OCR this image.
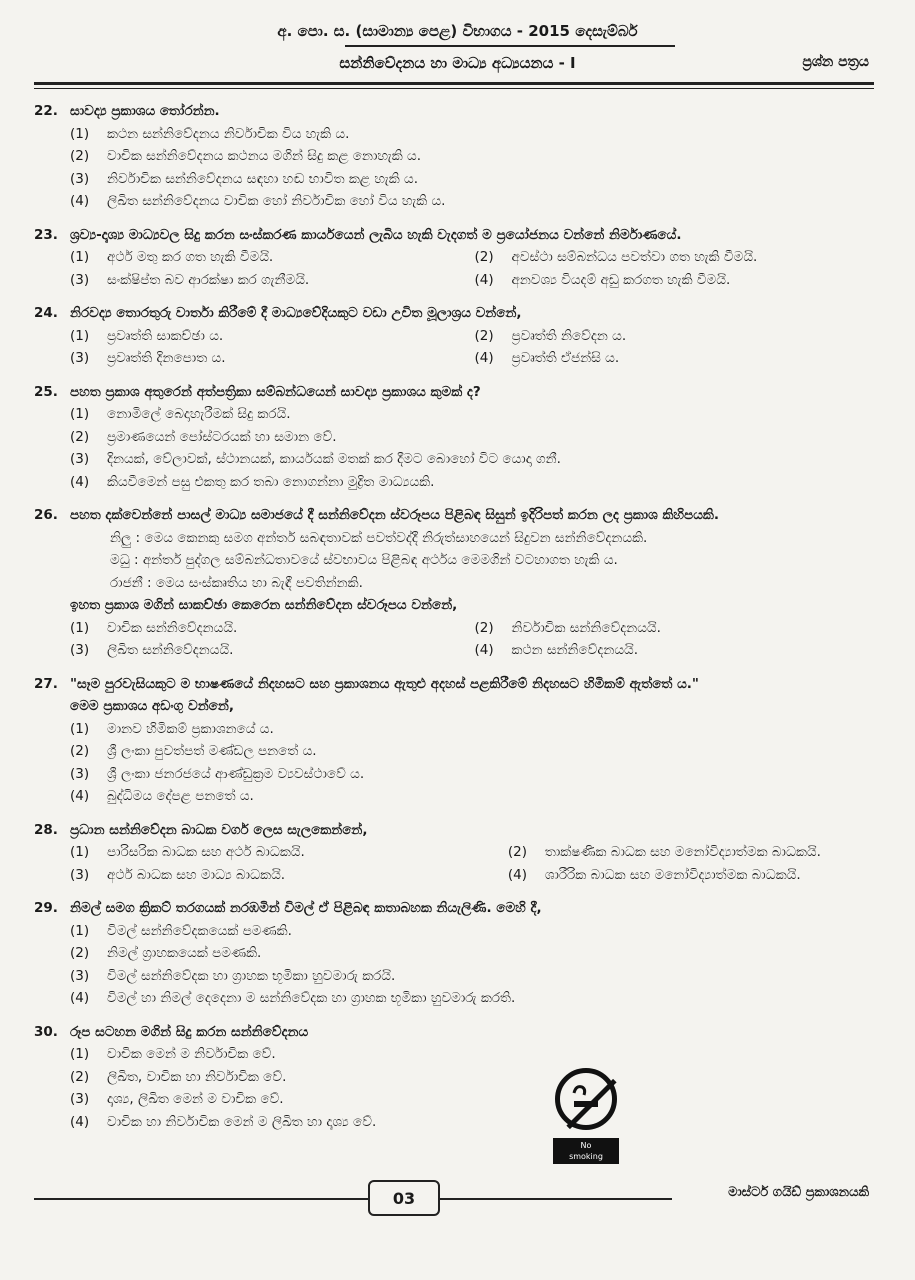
අ. පො. ස. (සාමාන්‍ය පෙළ) විභාගය - 2015 දෙසැම්බර්
සන්නිවේදනය හා මාධ්‍ය අධ්‍යයනය - I	ප්‍රශ්න පත්‍රය
22. සාවද්‍ය ප්‍රකාශය තෝරන්න.
(1)	කථන සන්නිවේදනය නිර්වාචික විය හැකි ය.
(2)	වාචික සන්නිවේදනය කථනය මගින් සිදු කළ නොහැකි ය.
(3)	නිර්වාචික සන්නිවේදනය සඳහා හඬ භාවිත කළ හැකි ය.
(4)	ලිඛිත සන්නිවේදනය වාචික හෝ නිර්වාචික හෝ විය හැකි ය.
23. ශ්‍රව්‍ය-දෘශ්‍ය මාධ්‍යවල සිදු කරන සංස්කරණ කාර්යයෙන් ලැබිය හැකි වැදගත් ම ප්‍රයෝජනය වන්නේ නිර්මාණයේ.
(1)	අර්ථ මතු කර ගත හැකි වීමයි.	(2)	අවස්ථා සම්බන්ධය පවත්වා ගත හැකි වීමයි.
(3)	සංක්ෂිප්ත බව ආරක්ෂා කර ගැනීමයි.	(4)	අනවශ්‍ය වියදම් අඩු කරගත හැකි වීමයි.
24. නිරවද්‍ය තොරතුරු වාර්තා කිරීමේ දී මාධ්‍යවේදියකුට වඩා උචිත මූලාශ්‍රය වන්නේ,
(1)	ප්‍රවෘත්ති සාකච්ඡා ය.	(2)	ප්‍රවෘත්ති නිවේදන ය.
(3)	ප්‍රවෘත්ති දිනපොත ය.	(4)	ප්‍රවෘත්ති ඒජන්සි ය.
25. පහත ප්‍රකාශ අතුරෙන් අත්පත්‍රිකා සම්බන්ධයෙන් සාවද්‍ය ප්‍රකාශය කුමක් ද?
(1)	නොමිලේ බෙදාහැරීමක් සිදු කරයි.
(2)	ප්‍රමාණයෙන් පෝස්ටරයක් හා සමාන වේ.
(3)	දිනයක්, වේලාවක්, ස්ථානයක්, කාර්යයක් මතක් කර දීමට බොහෝ විට යොදා ගනී.
(4)	කියවීමෙන් පසු එකතු කර තබා නොගන්නා මුද්‍රිත මාධ්‍යයකි.
26. පහත දක්වෙන්නේ පාසල් මාධ්‍ය සමාජයේ දී සන්නිවේදන ස්වරූපය පිළිබඳ සිසුන් ඉදිරිපත් කරන ලද ප්‍රකාශ කිහිපයකි.
නිලු : මෙය කෙනකු සමග අන්තර් සබඳතාවක් පවත්වද්දී නිරුත්සාහයෙන් සිදුවන සන්නිවේදනයකි.
මධු : අන්තර් පුද්ගල සම්බන්ධතාවයේ ස්වභාවය පිළිබඳ අර්ථය මෙමගින් වටහාගත හැකි ය.
රාජනී : මෙය සංස්කෘතිය හා බැඳී පවතින්නකි.
ඉහත ප්‍රකාශ මගින් සාකච්ඡා කෙරෙන සන්නිවේදන ස්වරූපය වන්නේ,
(1)	වාචික සන්නිවේදනයයි.	(2)	නිර්වාචික සන්නිවේදනයයි.
(3)	ලිඛිත සන්නිවේදනයයි.	(4)	කථන සන්නිවේදනයයි.
27. "සෑම පුරවැසියකුට ම භාෂණයේ නිදහසට සහ ප්‍රකාශනය ඇතුළු අදහස් පළකිරීමේ නිදහසට හිමිකම් ඇත්තේ ය."
මෙම ප්‍රකාශය අඩංගු වන්නේ,
(1)	මානව හිමිකම් ප්‍රකාශනයේ ය.
(2)	ශ්‍රී ලංකා පුවත්පත් මණ්ඩල පනතේ ය.
(3)	ශ්‍රී ලංකා ජනරජයේ ආණ්ඩුක්‍රම ව්‍යවස්ථාවේ ය.
(4)	බුද්ධිමය දේපළ පනතේ ය.
28. ප්‍රධාන සන්නිවේදන බාධක වර්ග ලෙස සැලකෙන්නේ,
(1)	පාරිසරික බාධක සහ අර්ථ බාධකයි.	(2)	තාක්ෂණික බාධක සහ මනෝවිද්‍යාත්මක බාධකයි.
(3)	අර්ථ බාධක සහ මාධ්‍ය බාධකයි.	(4)	ශාරීරික බාධක සහ මනෝවිද්‍යාත්මක බාධකයි.
29. නිමල් සමග ක්‍රිකට් තරගයක් නරඹමින් විමල් ඒ පිළිබඳ කතාබහක නියැලිණි. මෙහි දී,
(1)	විමල් සන්නිවේදකයෙක් පමණකි.
(2)	නිමල් ග්‍රාහකයෙක් පමණකි.
(3)	විමල් සන්නිවේදක හා ග්‍රාහක භූමිකා හුවමාරු කරයි.
(4)	විමල් හා නිමල් දෙදෙනා ම සන්නිවේදක හා ග්‍රාහක භූමිකා හුවමාරු කරති.
30. රූප සටහන මගින් සිදු කරන සන්නිවේදනය
(1)	වාචික මෙන් ම නිර්වාචික වේ.
(2)	ලිඛිත, වාචික හා නිර්වාචික වේ.
(3)	දෘශ්‍ය, ලිඛිත මෙන් ම වාචික වේ.
(4)	වාචික හා නිර්වාචික මෙන් ම ලිඛිත හා දෘශ්‍ය වේ.
No
smoking
03	මාස්ටර් ගයිඩ් ප්‍රකාශනයකි
